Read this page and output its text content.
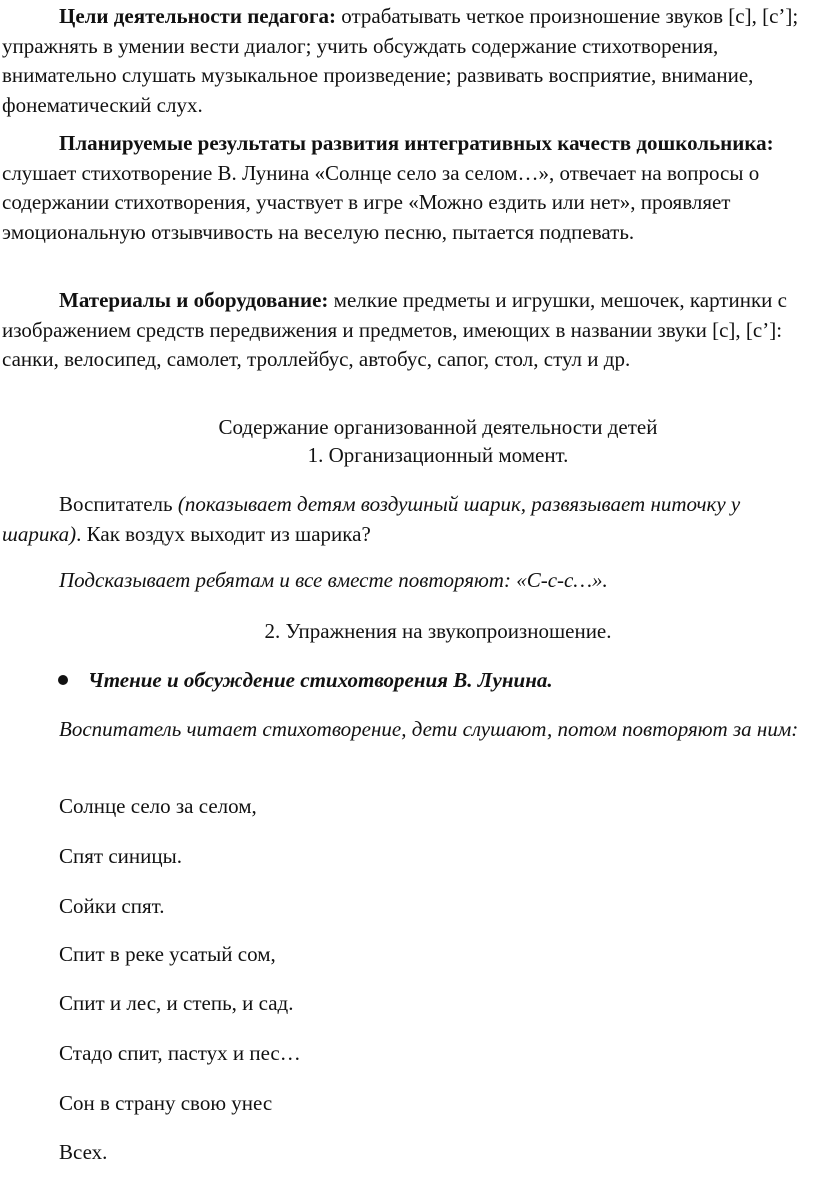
Цели деятельности педагога: отрабатывать четкое произношение звуков [с], [с’]; упражнять в умении вести диалог; учить обсуждать содержание стихотворения, внимательно слушать музыкальное произведение; развивать восприятие, внимание, фонематический слух.

Планируемые результаты развития интегративных качеств дошкольника: слушает стихотворение В. Лунина «Солнце село за селом…», отвечает на вопросы о содержании стихотворения, участвует в игре «Можно ездить или нет», проявляет эмоциональную отзывчивость на веселую песню, пытается подпевать.

Материалы и оборудование: мелкие предметы и игрушки, мешочек, картинки с изображением средств передвижения и предметов, имеющих в названии звуки [с], [с’]: санки, велосипед, самолет, троллейбус, автобус, сапог, стол, стул и др.

Содержание организованной деятельности детей
1. Организационный момент.

Воспитатель (показывает детям воздушный шарик, развязывает ниточку у шарика). Как воздух выходит из шарика?

Подсказывает ребятам и все вместе повторяют: «С-с-с…».
2. Упражнения на звукопроизношение.
Чтение и обсуждение стихотворения В. Лунина.

Воспитатель читает стихотворение, дети слушают, потом повторяют за ним:

Солнце село за селом,
Спят синицы.
Сойки спят.
Спит в реке усатый сом,
Спит и лес, и степь, и сад.
Стадо спит, пастух и пес…
Сон в страну свою унес
Всех.
